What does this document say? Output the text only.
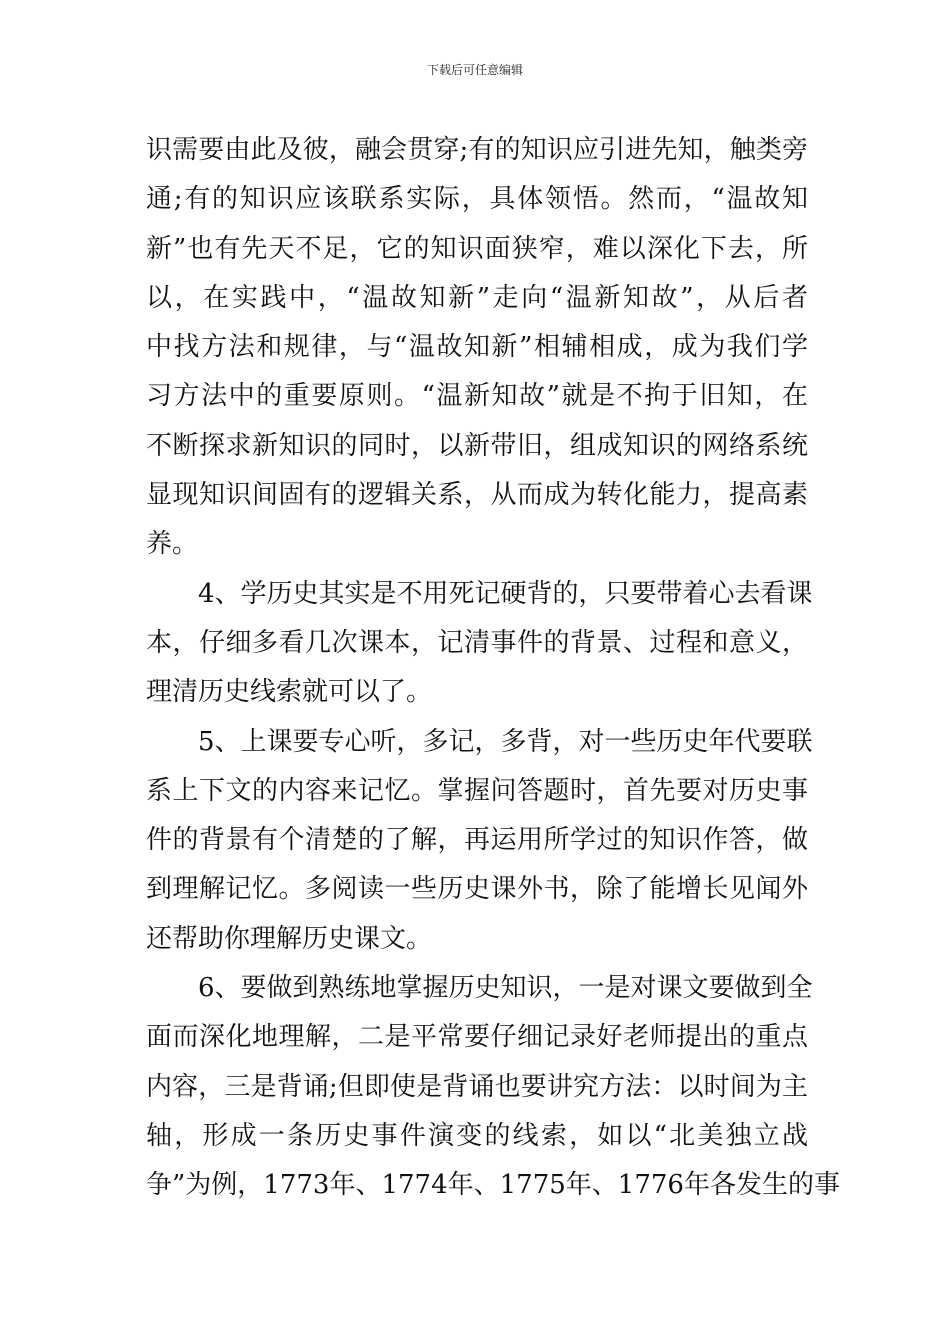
下载后可任意编辑
识需要由此及彼，融会贯穿;有的知识应引进先知，触类旁
通;有的知识应该联系实际，具体领悟。然而，“温故知
新”也有先天不足，它的知识面狭窄，难以深化下去，所
以，在实践中，“温故知新”走向“温新知故”，从后者
中找方法和规律，与“温故知新”相辅相成，成为我们学
习方法中的重要原则。“温新知故”就是不拘于旧知，在
不断探求新知识的同时，以新带旧，组成知识的网络系统
显现知识间固有的逻辑关系，从而成为转化能力，提高素
养。
4、学历史其实是不用死记硬背的，只要带着心去看课
本，仔细多看几次课本，记清事件的背景、过程和意义，
理清历史线索就可以了。
5、上课要专心听，多记，多背，对一些历史年代要联
系上下文的内容来记忆。掌握问答题时，首先要对历史事
件的背景有个清楚的了解，再运用所学过的知识作答，做
到理解记忆。多阅读一些历史课外书，除了能增长见闻外
还帮助你理解历史课文。
6、要做到熟练地掌握历史知识，一是对课文要做到全
面而深化地理解，二是平常要仔细记录好老师提出的重点
内容，三是背诵;但即使是背诵也要讲究方法：以时间为主
轴，形成一条历史事件演变的线索，如以“北美独立战
争”为例，1773年、1774年、1775年、1776年各发生的事
